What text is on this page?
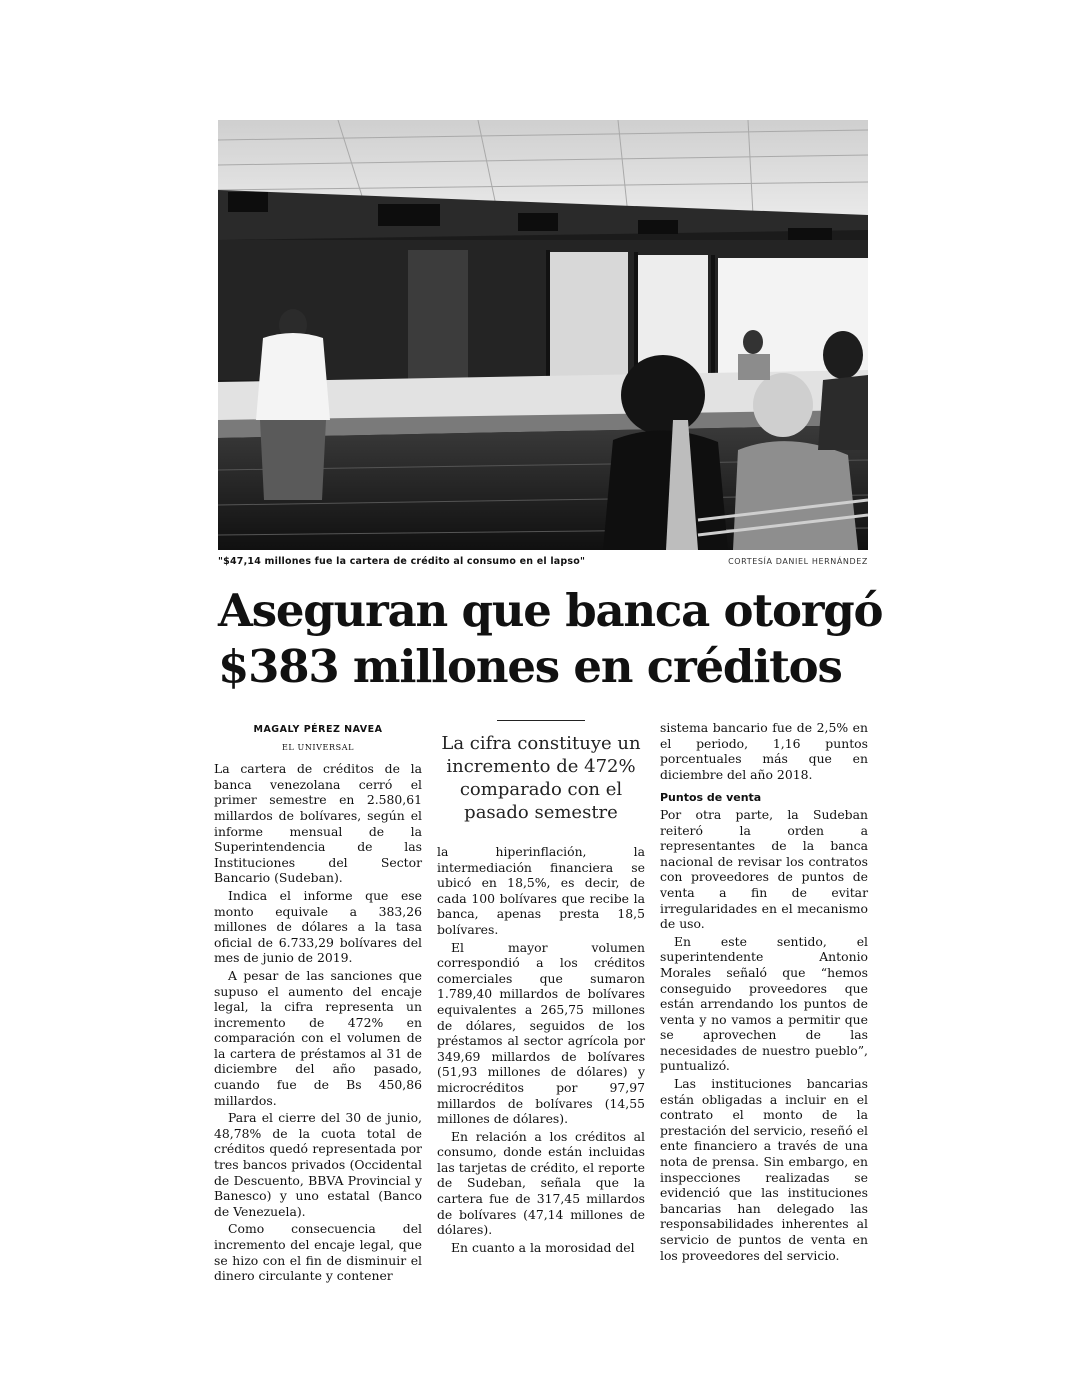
"$47,14 millones fue la cartera de crédito al consumo en el lapso"	CORTESÍA DANIEL HERNÁNDEZ
Aseguran que banca otorgó
$383 millones en créditos
MAGALY PÉREZ NAVEA
EL UNIVERSAL

La cartera de créditos de la banca venezolana cerró el primer semestre en 2.580,61 millardos de bolívares, según el informe mensual de la Superintendencia de las Instituciones del Sector Bancario (Sudeban).

Indica el informe que ese monto equivale a 383,26 millones de dólares a la tasa oficial de 6.733,29 bolívares del mes de junio de 2019.

A pesar de las sanciones que supuso el aumento del encaje legal, la cifra representa un incremento de 472% en comparación con el volumen de la cartera de préstamos al 31 de diciembre del año pasado, cuando fue de Bs 450,86 millardos.

Para el cierre del 30 de junio, 48,78% de la cuota total de créditos quedó representada por tres bancos privados (Occidental de Descuento, BBVA Provincial y Banesco) y uno estatal (Banco de Venezuela).

Como consecuencia del incremento del encaje legal, que se hizo con el fin de disminuir el dinero circulante y contener

La cifra constituye un incremento de 472% comparado con el pasado semestre

la hiperinflación, la intermediación financiera se ubicó en 18,5%, es decir, de cada 100 bolívares que recibe la banca, apenas presta 18,5 bolívares.

El mayor volumen correspondió a los créditos comerciales que sumaron 1.789,40 millardos de bolívares equivalentes a 265,75 millones de dólares, seguidos de los préstamos al sector agrícola por 349,69 millardos de bolívares (51,93 millones de dólares) y microcréditos por 97,97 millardos de bolívares (14,55 millones de dólares).

En relación a los créditos al consumo, donde están incluidas las tarjetas de crédito, el reporte de Sudeban, señala que la cartera fue de 317,45 millardos de bolívares (47,14 millones de dólares).

En cuanto a la morosidad del

sistema bancario fue de 2,5% en el periodo, 1,16 puntos porcentuales más que en diciembre del año 2018.

Puntos de venta

Por otra parte, la Sudeban reiteró la orden a representantes de la banca nacional de revisar los contratos con proveedores de puntos de venta a fin de evitar irregularidades en el mecanismo de uso.

En este sentido, el superintendente Antonio Morales señaló que “hemos conseguido proveedores que están arrendando los puntos de venta y no vamos a permitir que se aprovechen de las necesidades de nuestro pueblo”, puntualizó.

Las instituciones bancarias están obligadas a incluir en el contrato el monto de la prestación del servicio, reseñó el ente financiero a través de una nota de prensa. Sin embargo, en inspecciones realizadas se evidenció que las instituciones bancarias han delegado las responsabilidades inherentes al servicio de puntos de venta en los proveedores del servicio.
